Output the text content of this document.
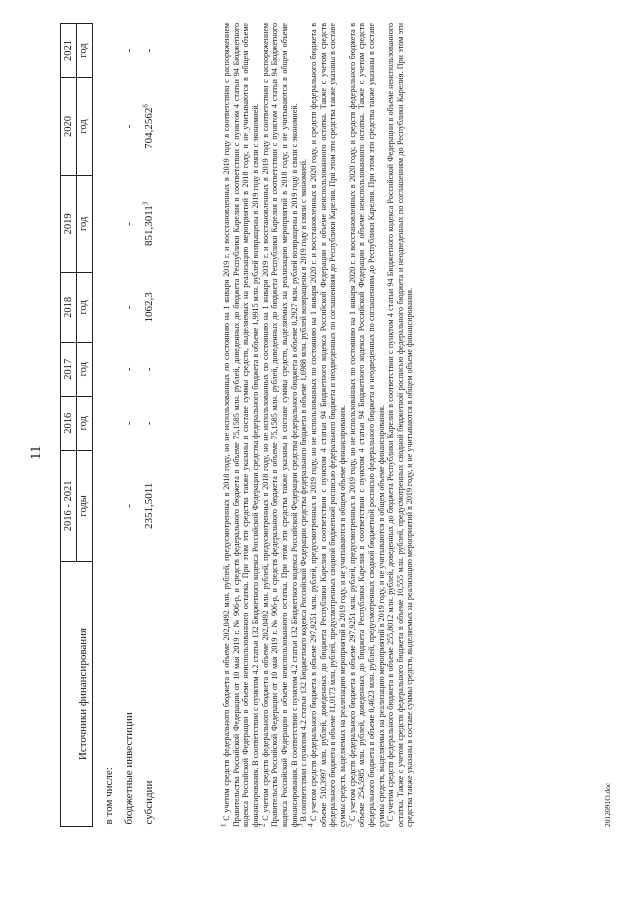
11
Источники финансирования	2016 - 2021 годы	2016 год	2017 год	2018 год	2019 год	2020 год	2021 год

в том числе:							
бюджетные инвестиции	-	-	-	-	-	-	-
субсидии	2351,5011	-	-	1062,3	851,3011$^3$	704,2562$^6$	-

$^1$ С учетом средств федерального бюджета в объеме 202,0492 млн. рублей, предусмотренных в 2018 году, но не использованных по состоянию на 1 января 2019 г. и восстановленных в 2019 году в соответствии с распоряжением Правительства Российской Федерации от 10 мая 2019 г. № 906-р, и средств федерального бюджета в объеме 75,1585 млн. рублей, доведенных до бюджета Республики Карелия в соответствии с пунктом 4 статьи 94 Бюджетного кодекса Российской Федерации в объеме неиспользованного остатка. При этом эти средства также указаны в составе суммы средств, выделяемых на реализацию мероприятий в 2018 году, и не учитываются в общем объеме финансирования. В соответствии с пунктом 4.2 статьи 132 Бюджетного кодекса Российской Федерации средства федерального бюджета в объеме 1,9915 млн. рублей возвращены в 2019 году в связи с экономией.

$^2$ С учетом средств федерального бюджета в объеме 202,0492 млн. рублей, предусмотренных в 2018 году, но не использованных по состоянию на 1 января 2019 г. и восстановленных в 2019 году в соответствии с распоряжением Правительства Российской Федерации от 10 мая 2019 г. № 906-р, и средств федерального бюджета в объеме 75,1585 млн. рублей, доведенных до бюджета Республики Карелия в соответствии с пунктом 4 статьи 94 Бюджетного кодекса Российской Федерации в объеме неиспользованного остатка. При этом эти средства также указаны в составе суммы средств, выделяемых на реализацию мероприятий в 2018 году, и не учитываются в общем объеме финансирования. В соответствии с пунктом 4.2 статьи 132 Бюджетного кодекса Российской Федерации средства федерального бюджета в объеме 0,2927 млн. рублей возвращены в 2019 году в связи с экономией.

$^3$ В соответствии с пунктом 4.2 статьи 132 Бюджетного кодекса Российской Федерации средства федерального бюджета в объеме 1,6988 млн. рублей возвращены в 2019 году в связи с экономией.

$^4$ С учетом средств федерального бюджета в объеме 297,9251 млн. рублей, предусмотренных в 2019 году, но не использованных по состоянию на 1 января 2020 г. и восстановленных в 2020 году, и средств федерального бюджета в объеме 510,3997 млн. рублей, доведенных до бюджета Республики Карелия в соответствии с пунктом 4 статьи 94 Бюджетного кодекса Российской Федерации в объеме неиспользованного остатка. Также с учетом средств федерального бюджета в объеме 11,0173 млн. рублей, предусмотренных сводной бюджетной росписью федерального бюджета и неодведенных по соглашениям до Республики Карелия. При этом эти средства также указаны в составе суммы средств, выделяемых на реализацию мероприятий в 2019 году, и не учитываются в общем объеме финансирования.

$^5$ С учетом средств федерального бюджета в объеме 297,9251 млн. рублей, предусмотренных в 2019 году, но не использованных по состоянию на 1 января 2020 г. и восстановленных в 2020 году, и средств федерального бюджета в объеме 254,5985 млн. рублей, доведенных до бюджета Республики Карелия в соответствии с пунктом 4 статьи 94 Бюджетного кодекса Российской Федерации в объеме неиспользованного остатка. Также с учетом средств федерального бюджета в объеме 0,4623 млн. рублей, предусмотренных сводной бюджетной росписью федерального бюджета и неодведенных по соглашениям до Республики Карелия. При этом эти средства также указаны в составе суммы средств, выделяемых на реализацию мероприятий в 2019 году, и не учитываются в общем объеме финансирования.

$^6$ С учетом средств федерального бюджета в объеме 255,8012 млн. рублей, доведенных до бюджета Республики Карелия в соответствии с пунктом 4 статьи 94 Бюджетного кодекса Российской Федерации в объеме неиспользованного остатка. Также с учетом средств федерального бюджета в объеме 10,555 млн. рублей, предусмотренных сводной бюджетной росписью федерального бюджета и неодведенных по соглашениям до Республики Карелия. При этом эти средства также указаны в составе суммы средств, выделяемых на реализацию мероприятий в 2019 году, и не учитываются в общем объеме финансирования.	2012091О.doc
